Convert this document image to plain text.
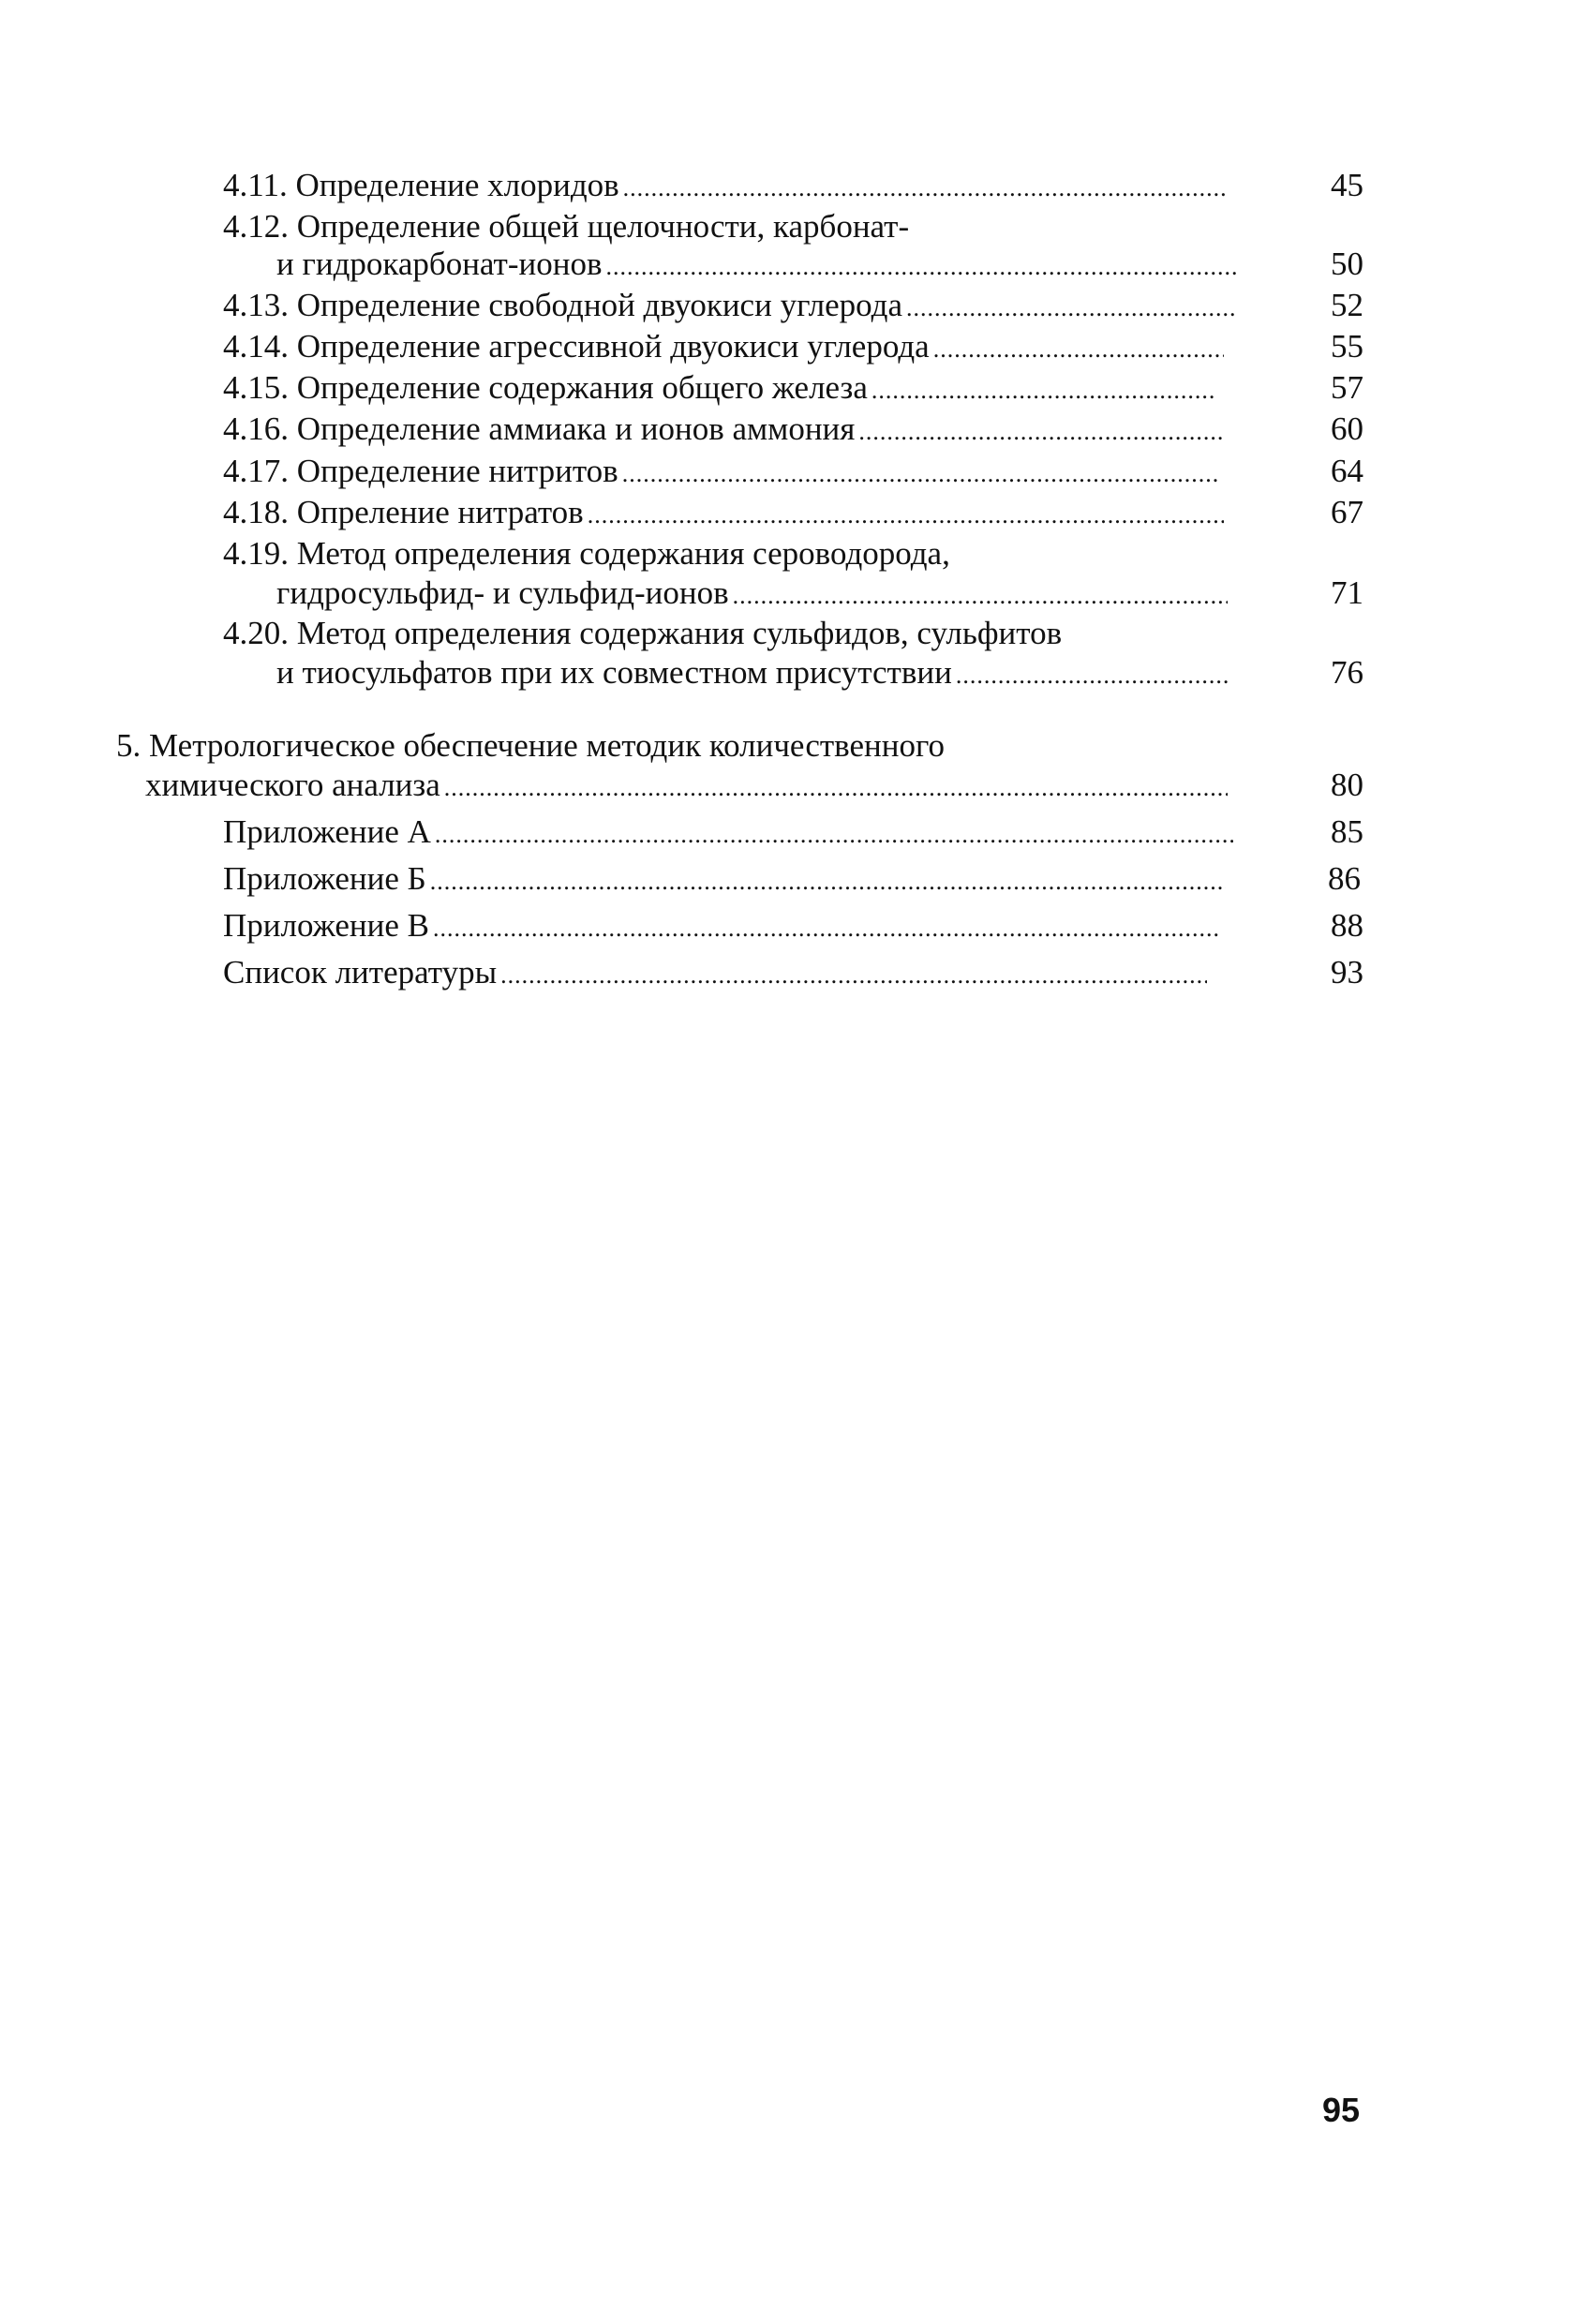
4.11. Определение хлоридов .....	45
4.12. Определение общей щелочности, карбонат-
и гидрокарбонат-ионов .....	50
4.13. Определение свободной двуокиси углерода .....	52
4.14. Определение агрессивной двуокиси углерода .....	55
4.15. Определение содержания общего железа .....	57
4.16. Определение аммиака и ионов аммония .....	60
4.17. Определение нитритов .....	64
4.18. Опреление нитратов .....	67
4.19. Метод определения содержания сероводорода,
гидросульфид- и сульфид-ионов .....	71
4.20. Метод определения содержания сульфидов, сульфитов
и тиосульфатов при их совместном присутствии .....	76
5. Метрологическое обеспечение методик количественного
химического анализа .....	80
Приложение А .....	85
Приложение Б .....	86
Приложение В .....	88
Список литературы .....	93
95
